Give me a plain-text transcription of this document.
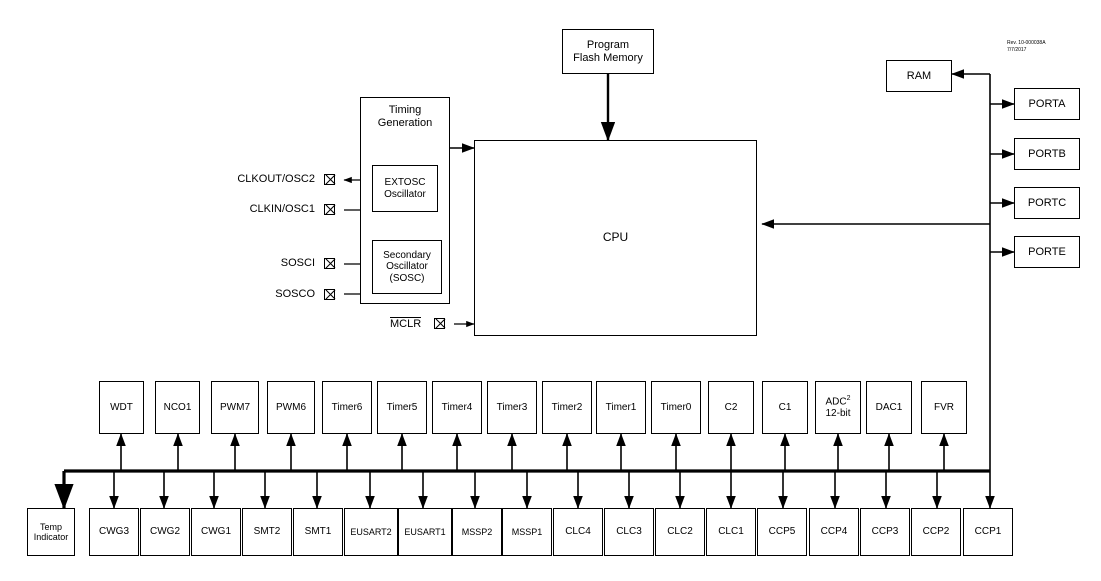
Rev. 10-000038A
7/7/2017
Program
Flash Memory
RAM
CPU
Timing
Generation
EXTOSC
Oscillator
Secondary
Oscillator
(SOSC)
CLKOUT/OSC2
CLKIN/OSC1
SOSCI
SOSCO
MCLR
PORTA
PORTB
PORTC
PORTE
WDT	NCO1	PWM7	PWM6	Timer6	Timer5	Timer4	Timer3	Timer2	Timer1	Timer0	C2	C1	ADC$^2$
12-bit
DAC1	FVR
Temp
Indicator	CWG3	CWG2	CWG1	SMT2	SMT1	EUSART2	EUSART1	MSSP2	MSSP1	CLC4	CLC3	CLC2	CLC1	CCP5	CCP4	CCP3	CCP2	CCP1
